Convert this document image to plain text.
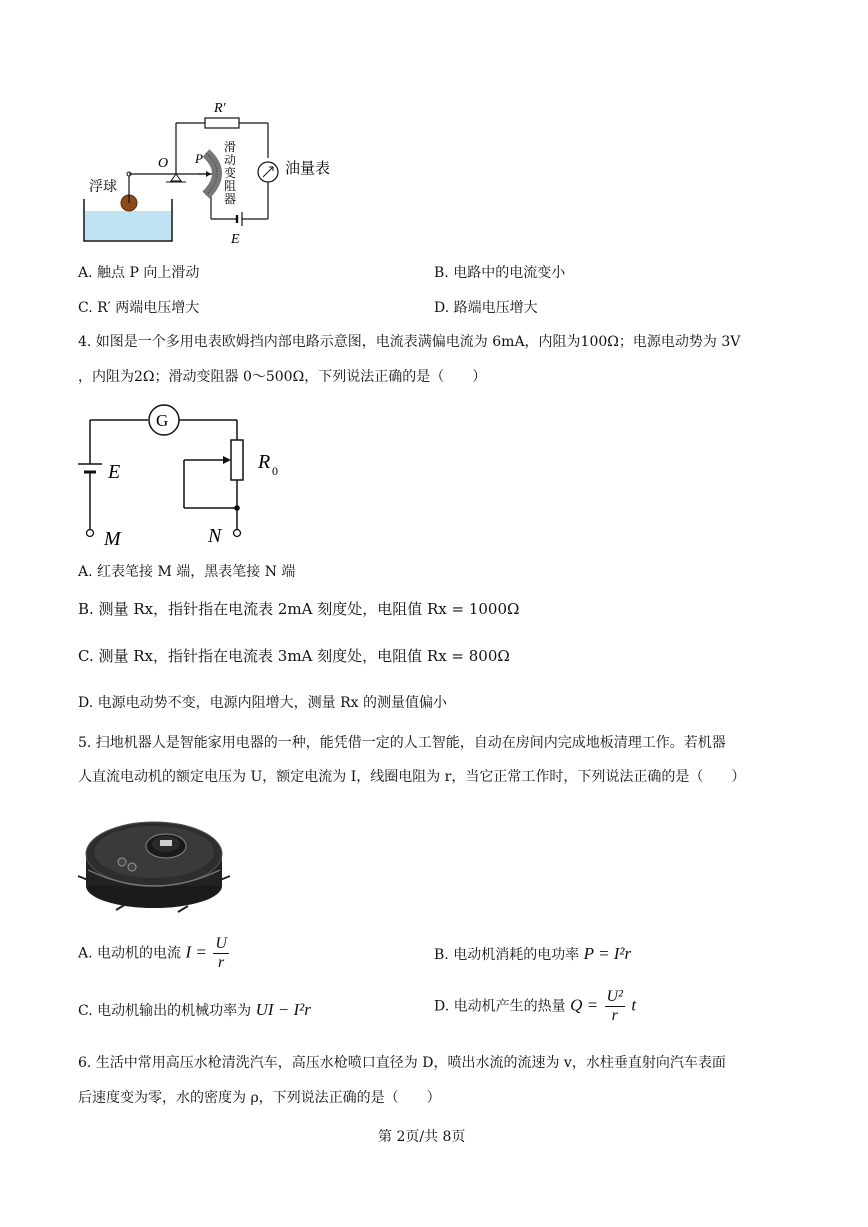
R′
O P
滑
动
变
阻
器
浮球
油量表
E
A. 触点 P 向上滑动	B. 电路中的电流变小
C. R′ 两端电压增大	D. 路端电压增大
4. 如图是一个多用电表欧姆挡内部电路示意图，电流表满偏电流为 6mA，内阻为100Ω；电源电动势为 3V
，内阻为2Ω；滑动变阻器 0～500Ω，下列说法正确的是（　　）
G
E	R 0
M	N
A. 红表笔接 M 端，黑表笔接 N 端
B. 测量 Rx，指针指在电流表 2mA 刻度处，电阻值 Rx = 1000Ω
C. 测量 Rx，指针指在电流表 3mA 刻度处，电阻值 Rx = 800Ω
D. 电源电动势不变，电源内阻增大，测量 Rx 的测量值偏小
5. 扫地机器人是智能家用电器的一种，能凭借一定的人工智能，自动在房间内完成地板清理工作。若机器
人直流电动机的额定电压为 U，额定电流为 I，线圈电阻为 r，当它正常工作时，下列说法正确的是（　　）
A. 电动机的电流 $I = \frac{U}{r}$	B. 电动机消耗的电功率 P = I²r
C. 电动机输出的机械功率为 UI − I²r	D. 电动机产生的热量 $Q = \frac{\text{U²}}{r}$ t
6. 生活中常用高压水枪清洗汽车，高压水枪喷口直径为 D，喷出水流的流速为 v，水柱垂直射向汽车表面
后速度变为零，水的密度为 ρ，下列说法正确的是（　　）
第 2页/共 8页
